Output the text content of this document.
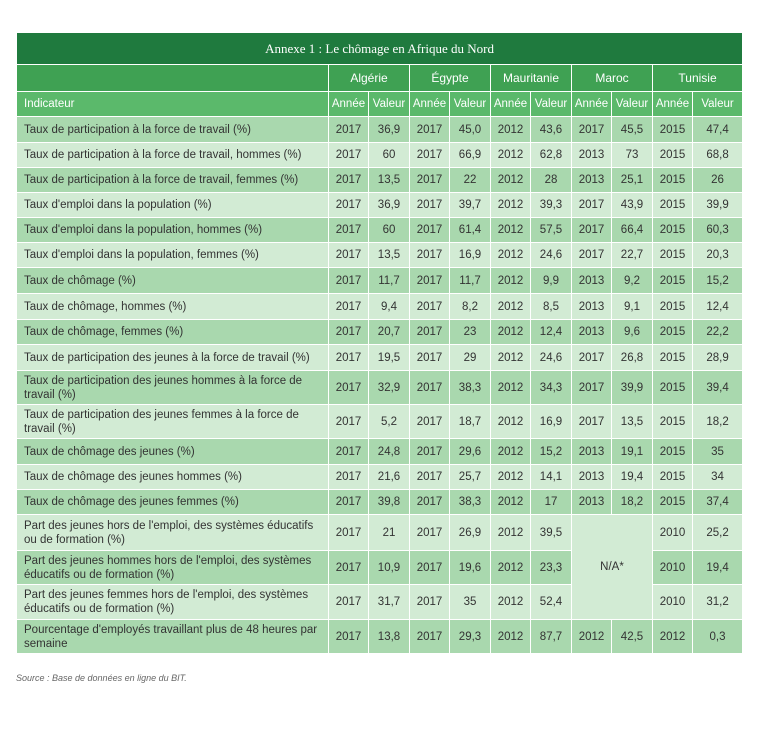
Annexe 1 : Le chômage en Afrique du Nord										
	Algérie		Égypte		Mauritanie		Maroc		Tunisie	
Indicateur	Année	Valeur	Année	Valeur	Année	Valeur	Année	Valeur	Année	Valeur
Taux de participation à la force de travail (%)	2017	36,9	2017	45,0	2012	43,6	2017	45,5	2015	47,4
Taux de participation à la force de travail, hommes (%)	2017	60	2017	66,9	2012	62,8	2013	73	2015	68,8
Taux de participation à la force de travail, femmes (%)	2017	13,5	2017	22	2012	28	2013	25,1	2015	26
Taux d'emploi dans la population (%)	2017	36,9	2017	39,7	2012	39,3	2017	43,9	2015	39,9
Taux d'emploi dans la population, hommes (%)	2017	60	2017	61,4	2012	57,5	2017	66,4	2015	60,3
Taux d'emploi dans la population, femmes (%)	2017	13,5	2017	16,9	2012	24,6	2017	22,7	2015	20,3
Taux de chômage (%)	2017	11,7	2017	11,7	2012	9,9	2013	9,2	2015	15,2
Taux de chômage, hommes (%)	2017	9,4	2017	8,2	2012	8,5	2013	9,1	2015	12,4
Taux de chômage, femmes (%)	2017	20,7	2017	23	2012	12,4	2013	9,6	2015	22,2
Taux de participation des jeunes à la force de travail (%)	2017	19,5	2017	29	2012	24,6	2017	26,8	2015	28,9
Taux de participation des jeunes hommes à la force de travail (%)	2017	32,9	2017	38,3	2012	34,3	2017	39,9	2015	39,4
Taux de participation des jeunes femmes à la force de travail (%)	2017	5,2	2017	18,7	2012	16,9	2017	13,5	2015	18,2
Taux de chômage des jeunes (%)	2017	24,8	2017	29,6	2012	15,2	2013	19,1	2015	35
Taux de chômage des jeunes hommes (%)	2017	21,6	2017	25,7	2012	14,1	2013	19,4	2015	34
Taux de chômage des jeunes femmes (%)	2017	39,8	2017	38,3	2012	17	2013	18,2	2015	37,4
Part des jeunes hors de l'emploi, des systèmes éducatifs ou de formation (%)	2017	21	2017	26,9	2012	39,5	N/A*		2010	25,2
Part des jeunes hommes hors de l'emploi, des systèmes éducatifs ou de formation (%)	2017	10,9	2017	19,6	2012	23,3			2010	19,4
Part des jeunes femmes hors de l'emploi, des systèmes éducatifs ou de formation (%)	2017	31,7	2017	35	2012	52,4			2010	31,2
Pourcentage d'employés travaillant plus de 48 heures par semaine	2017	13,8	2017	29,3	2012	87,7	2012	42,5	2012	0,3
Source : Base de données en ligne du BIT.
